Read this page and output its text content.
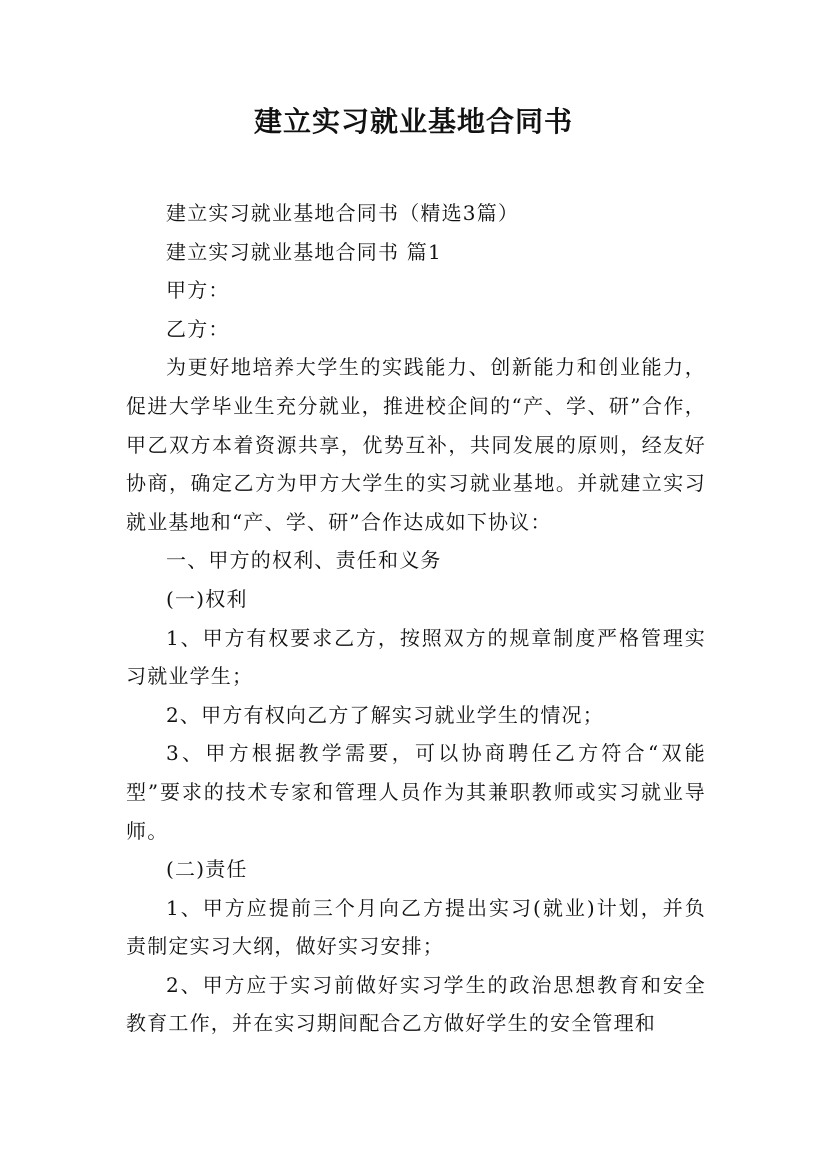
建立实习就业基地合同书

建立实习就业基地合同书（精选3篇）

建立实习就业基地合同书 篇1

甲方：

乙方：

为更好地培养大学生的实践能力、创新能力和创业能力，促进大学毕业生充分就业，推进校企间的“产、学、研”合作，甲乙双方本着资源共享，优势互补，共同发展的原则，经友好协商，确定乙方为甲方大学生的实习就业基地。并就建立实习就业基地和“产、学、研”合作达成如下协议：

一、甲方的权利、责任和义务

(一)权利

1、甲方有权要求乙方，按照双方的规章制度严格管理实习就业学生；

2、甲方有权向乙方了解实习就业学生的情况；

3、甲方根据教学需要，可以协商聘任乙方符合“双能型”要求的技术专家和管理人员作为其兼职教师或实习就业导师。

(二)责任

1、甲方应提前三个月向乙方提出实习(就业)计划，并负责制定实习大纲，做好实习安排；

2、甲方应于实习前做好实习学生的政治思想教育和安全教育工作，并在实习期间配合乙方做好学生的安全管理和
